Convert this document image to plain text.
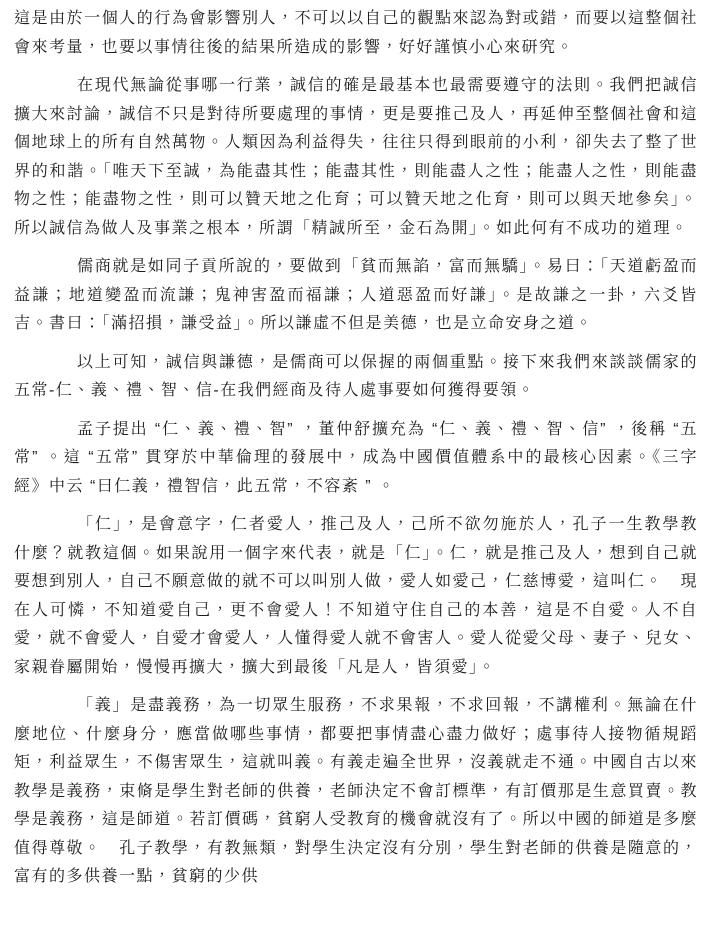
這是由於一個人的行為會影響別人，不可以以自己的觀點來認為對或錯，而要以這整個社會來考量，也要以事情往後的結果所造成的影響，好好謹慎小心來研究。

在現代無論從事哪一行業，誠信的確是最基本也最需要遵守的法則。我們把誠信擴大來討論，誠信不只是對待所要處理的事情，更是要推己及人，再延伸至整個社會和這個地球上的所有自然萬物。人類因為利益得失，往往只得到眼前的小利，卻失去了整了世界的和諧。「唯天下至誠，為能盡其性；能盡其性，則能盡人之性；能盡人之性，則能盡物之性；能盡物之性，則可以贊天地之化育；可以贊天地之化育，則可以與天地參矣」。所以誠信為做人及事業之根本，所謂「精誠所至，金石為開」。如此何有不成功的道理。

儒商就是如同子貢所說的，要做到「貧而無諂，富而無驕」。易曰：「天道虧盈而益謙；地道變盈而流謙；鬼神害盈而福謙；人道惡盈而好謙」。是故謙之一卦，六爻皆吉。書曰：「滿招損，謙受益」。所以謙虛不但是美德，也是立命安身之道。

以上可知，誠信與謙德，是儒商可以保握的兩個重點。接下來我們來談談儒家的五常-仁、義、禮、智、信-在我們經商及待人處事要如何獲得要領。

孟子提出 “仁、義、禮、智” ，董仲舒擴充為 “仁、義、禮、智、信” ，後稱 “五常” 。這 “五常” 貫穿於中華倫理的發展中，成為中國價值體系中的最核心因素。《三字經》中云 “曰仁義，禮智信，此五常，不容紊 ” 。

「仁」，是會意字，仁者愛人，推己及人，己所不欲勿施於人，孔子一生教學教什麼？就教這個。如果說用一個字來代表，就是「仁」。仁，就是推己及人，想到自己就要想到別人，自己不願意做的就不可以叫別人做，愛人如愛己，仁慈博愛，這叫仁。　現在人可憐，不知道愛自己，更不會愛人！不知道守住自己的本善，這是不自愛。人不自愛，就不會愛人，自愛才會愛人，人懂得愛人就不會害人。愛人從愛父母、妻子、兒女、家親眷屬開始，慢慢再擴大，擴大到最後「凡是人，皆須愛」。

「義」是盡義務，為一切眾生服務，不求果報，不求回報，不講權利。無論在什麼地位、什麼身分，應當做哪些事情，都要把事情盡心盡力做好；處事待人接物循規蹈矩，利益眾生，不傷害眾生，這就叫義。有義走遍全世界，沒義就走不通。中國自古以來教學是義務，束脩是學生對老師的供養，老師決定不會訂標準，有訂價那是生意買賣。教學是義務，這是師道。若訂價碼，貧窮人受教育的機會就沒有了。所以中國的師道是多麼值得尊敬。　孔子教學，有教無類，對學生決定沒有分別，學生對老師的供養是隨意的，富有的多供養一點，貧窮的少供
